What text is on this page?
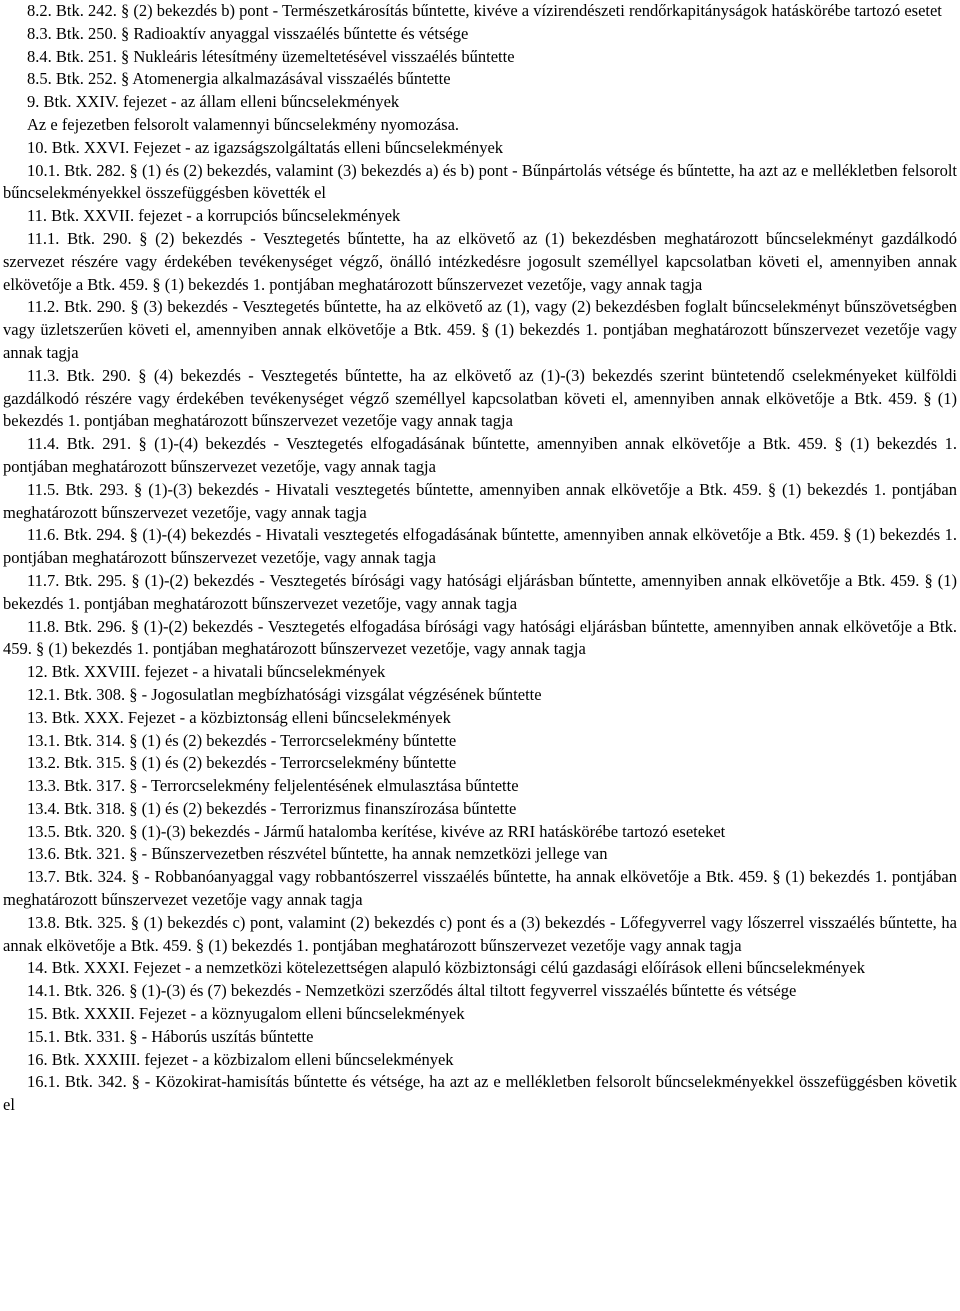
8.2. Btk. 242. § (2) bekezdés b) pont - Természetkárosítás bűntette, kivéve a vízirendészeti rendőrkapitányságok hatáskörébe tartozó esetet

8.3. Btk. 250. § Radioaktív anyaggal visszaélés bűntette és vétsége

8.4. Btk. 251. § Nukleáris létesítmény üzemeltetésével visszaélés bűntette

8.5. Btk. 252. § Atomenergia alkalmazásával visszaélés bűntette

9. Btk. XXIV. fejezet - az állam elleni bűncselekmények

Az e fejezetben felsorolt valamennyi bűncselekmény nyomozása.

10. Btk. XXVI. Fejezet - az igazságszolgáltatás elleni bűncselekmények

10.1. Btk. 282. § (1) és (2) bekezdés, valamint (3) bekezdés a) és b) pont - Bűnpártolás vétsége és bűntette, ha azt az e mellékletben felsorolt bűncselekményekkel összefüggésben követték el

11. Btk. XXVII. fejezet - a korrupciós bűncselekmények

11.1. Btk. 290. § (2) bekezdés - Vesztegetés bűntette, ha az elkövető az (1) bekezdésben meghatározott bűncselekményt gazdálkodó szervezet részére vagy érdekében tevékenységet végző, önálló intézkedésre jogosult személlyel kapcsolatban követi el, amennyiben annak elkövetője a Btk. 459. § (1) bekezdés 1. pontjában meghatározott bűnszervezet vezetője, vagy annak tagja

11.2. Btk. 290. § (3) bekezdés - Vesztegetés bűntette, ha az elkövető az (1), vagy (2) bekezdésben foglalt bűncselekményt bűnszövetségben vagy üzletszerűen követi el, amennyiben annak elkövetője a Btk. 459. § (1) bekezdés 1. pontjában meghatározott bűnszervezet vezetője vagy annak tagja

11.3. Btk. 290. § (4) bekezdés - Vesztegetés bűntette, ha az elkövető az (1)-(3) bekezdés szerint büntetendő cselekményeket külföldi gazdálkodó részére vagy érdekében tevékenységet végző személlyel kapcsolatban követi el, amennyiben annak elkövetője a Btk. 459. § (1) bekezdés 1. pontjában meghatározott bűnszervezet vezetője vagy annak tagja

11.4. Btk. 291. § (1)-(4) bekezdés - Vesztegetés elfogadásának bűntette, amennyiben annak elkövetője a Btk. 459. § (1) bekezdés 1. pontjában meghatározott bűnszervezet vezetője, vagy annak tagja

11.5. Btk. 293. § (1)-(3) bekezdés - Hivatali vesztegetés bűntette, amennyiben annak elkövetője a Btk. 459. § (1) bekezdés 1. pontjában meghatározott bűnszervezet vezetője, vagy annak tagja

11.6. Btk. 294. § (1)-(4) bekezdés - Hivatali vesztegetés elfogadásának bűntette, amennyiben annak elkövetője a Btk. 459. § (1) bekezdés 1. pontjában meghatározott bűnszervezet vezetője, vagy annak tagja

11.7. Btk. 295. § (1)-(2) bekezdés - Vesztegetés bírósági vagy hatósági eljárásban bűntette, amennyiben annak elkövetője a Btk. 459. § (1) bekezdés 1. pontjában meghatározott bűnszervezet vezetője, vagy annak tagja

11.8. Btk. 296. § (1)-(2) bekezdés - Vesztegetés elfogadása bírósági vagy hatósági eljárásban bűntette, amennyiben annak elkövetője a Btk. 459. § (1) bekezdés 1. pontjában meghatározott bűnszervezet vezetője, vagy annak tagja

12. Btk. XXVIII. fejezet - a hivatali bűncselekmények

12.1. Btk. 308. § - Jogosulatlan megbízhatósági vizsgálat végzésének bűntette

13. Btk. XXX. Fejezet - a közbiztonság elleni bűncselekmények

13.1. Btk. 314. § (1) és (2) bekezdés - Terrorcselekmény bűntette

13.2. Btk. 315. § (1) és (2) bekezdés - Terrorcselekmény bűntette

13.3. Btk. 317. § - Terrorcselekmény feljelentésének elmulasztása bűntette

13.4. Btk. 318. § (1) és (2) bekezdés - Terrorizmus finanszírozása bűntette

13.5. Btk. 320. § (1)-(3) bekezdés - Jármű hatalomba kerítése, kivéve az RRI hatáskörébe tartozó eseteket

13.6. Btk. 321. § - Bűnszervezetben részvétel bűntette, ha annak nemzetközi jellege van

13.7. Btk. 324. § - Robbanóanyaggal vagy robbantószerrel visszaélés bűntette, ha annak elkövetője a Btk. 459. § (1) bekezdés 1. pontjában meghatározott bűnszervezet vezetője vagy annak tagja

13.8. Btk. 325. § (1) bekezdés c) pont, valamint (2) bekezdés c) pont és a (3) bekezdés - Lőfegyverrel vagy lőszerrel visszaélés bűntette, ha annak elkövetője a Btk. 459. § (1) bekezdés 1. pontjában meghatározott bűnszervezet vezetője vagy annak tagja

14. Btk. XXXI. Fejezet - a nemzetközi kötelezettségen alapuló közbiztonsági célú gazdasági előírások elleni bűncselekmények

14.1. Btk. 326. § (1)-(3) és (7) bekezdés - Nemzetközi szerződés által tiltott fegyverrel visszaélés bűntette és vétsége

15. Btk. XXXII. Fejezet - a köznyugalom elleni bűncselekmények

15.1. Btk. 331. § - Háborús uszítás bűntette

16. Btk. XXXIII. fejezet - a közbizalom elleni bűncselekmények

16.1. Btk. 342. § - Közokirat-hamisítás bűntette és vétsége, ha azt az e mellékletben felsorolt bűncselekményekkel összefüggésben követik el
